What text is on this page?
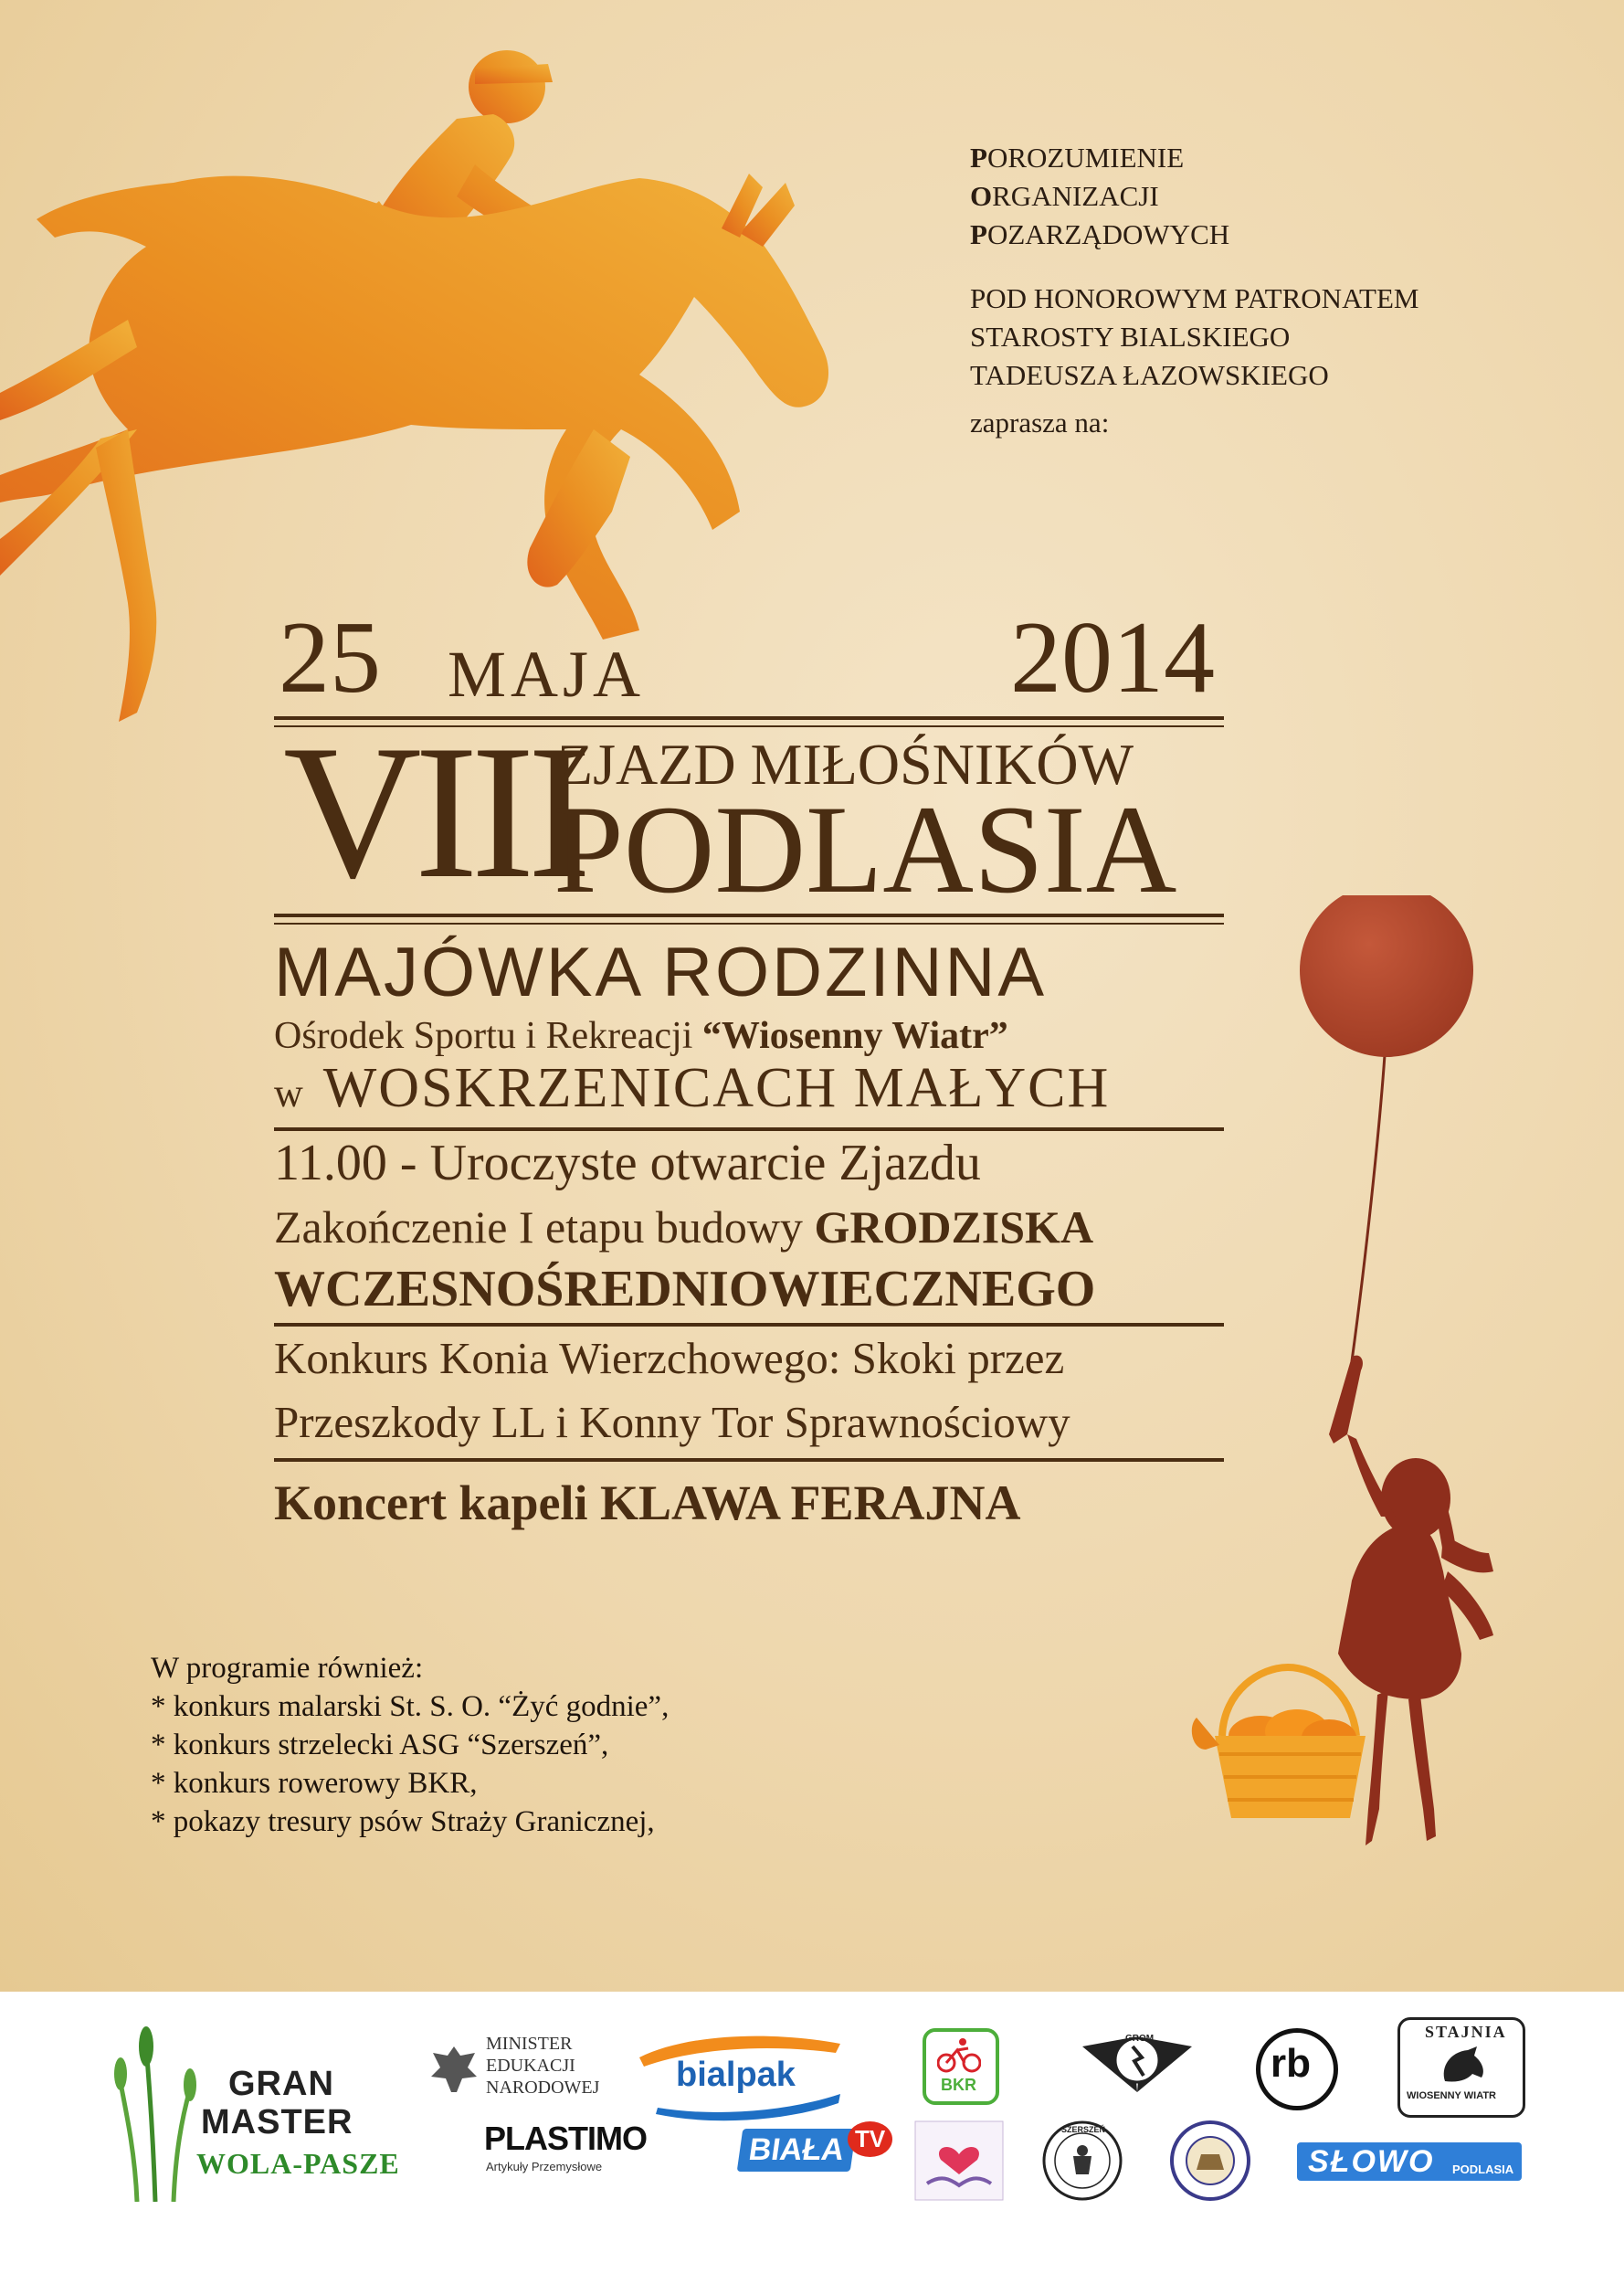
POROZUMIENIE
ORGANIZACJI
POZARZĄDOWYCH
POD HONOROWYM PATRONATEM
STAROSTY BIALSKIEGO
TADEUSZA ŁAZOWSKIEGO
zaprasza na:
25 MAJA	2014
VIII
ZJAZD MIŁOŚNIKÓW
PODLASIA
MAJÓWKA RODZINNA
Ośrodek Sportu i Rekreacji “Wiosenny Wiatr”
w WOSKRZENICACH MAŁYCH
11.00 - Uroczyste otwarcie Zjazdu
Zakończenie I etapu budowy GRODZISKA
WCZESNOŚREDNIOWIECZNEGO
Konkurs Konia Wierzchowego: Skoki przez
Przeszkody LL i Konny Tor Sprawnościowy
Koncert kapeli KLAWA FERAJNA
W programie również:
* konkurs malarski St. S. O. “Żyć godnie”,
* konkurs strzelecki ASG “Szerszeń”,
* konkurs rowerowy BKR,
* pokazy tresury psów Straży Granicznej,
GRAN
MASTER
WOLA-PASZE
MINISTER
EDUKACJI
NARODOWEJ bialpak
PLASTIMO
Artykuły Przemysłowe	BIAŁA TV
BKR
GROM
rb
STAJNIA
WIOSENNY WIATR
SZERSZEŃ
SŁOWO PODLASIA
